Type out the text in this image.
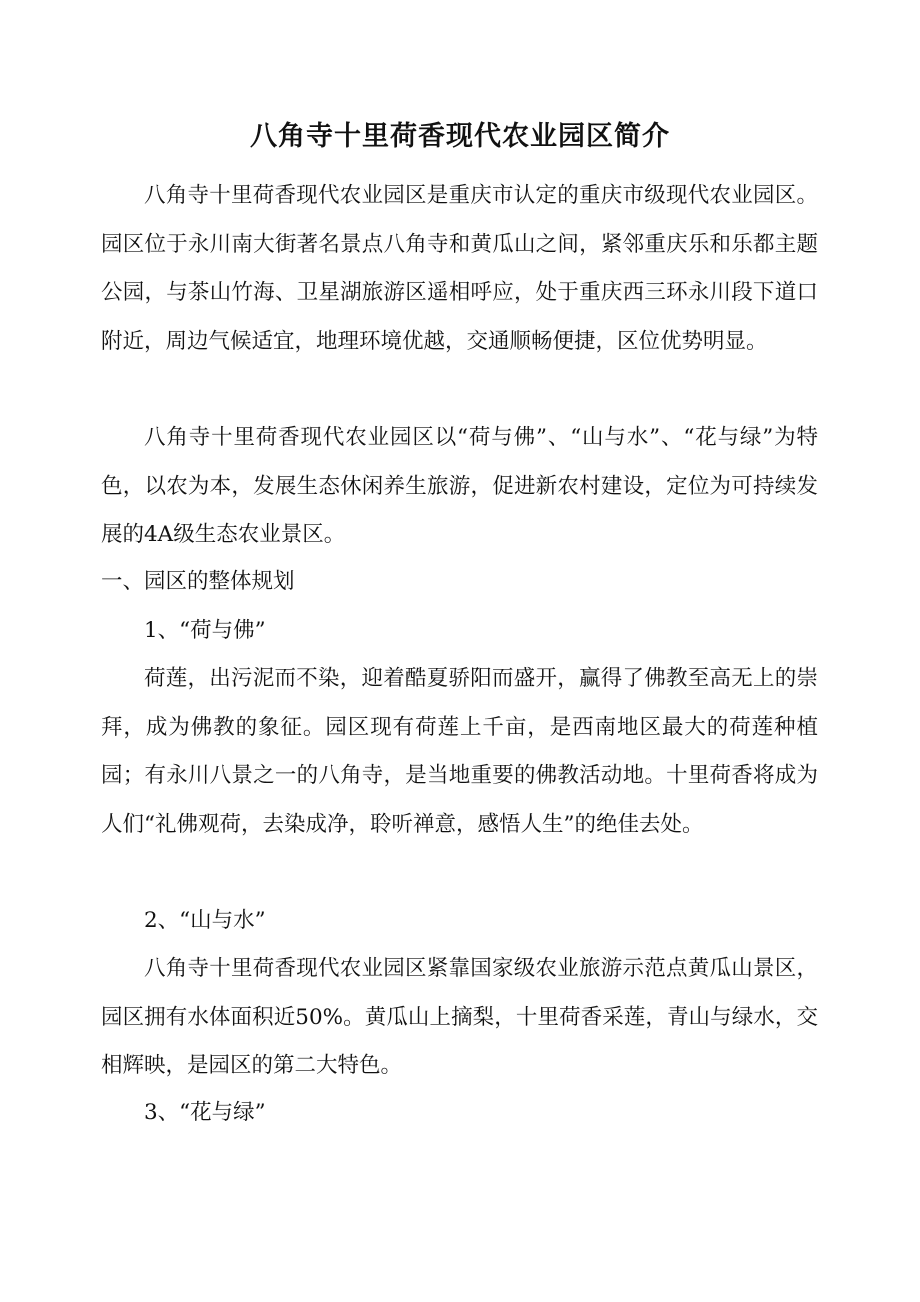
八角寺十里荷香现代农业园区简介

八角寺十里荷香现代农业园区是重庆市认定的重庆市级现代农业园区。园区位于永川南大街著名景点八角寺和黄瓜山之间，紧邻重庆乐和乐都主题公园，与茶山竹海、卫星湖旅游区遥相呼应，处于重庆西三环永川段下道口附近，周边气候适宜，地理环境优越，交通顺畅便捷，区位优势明显。

八角寺十里荷香现代农业园区以“荷与佛”、“山与水”、“花与绿”为特色，以农为本，发展生态休闲养生旅游，促进新农村建设，定位为可持续发展的4A级生态农业景区。

一、园区的整体规划

1、“荷与佛”

荷莲，出污泥而不染，迎着酷夏骄阳而盛开，赢得了佛教至高无上的崇拜，成为佛教的象征。园区现有荷莲上千亩，是西南地区最大的荷莲种植园；有永川八景之一的八角寺，是当地重要的佛教活动地。十里荷香将成为人们“礼佛观荷，去染成净，聆听禅意，感悟人生”的绝佳去处。

2、“山与水”

八角寺十里荷香现代农业园区紧靠国家级农业旅游示范点黄瓜山景区，园区拥有水体面积近50%。黄瓜山上摘梨，十里荷香采莲，青山与绿水，交相辉映，是园区的第二大特色。

3、“花与绿”
